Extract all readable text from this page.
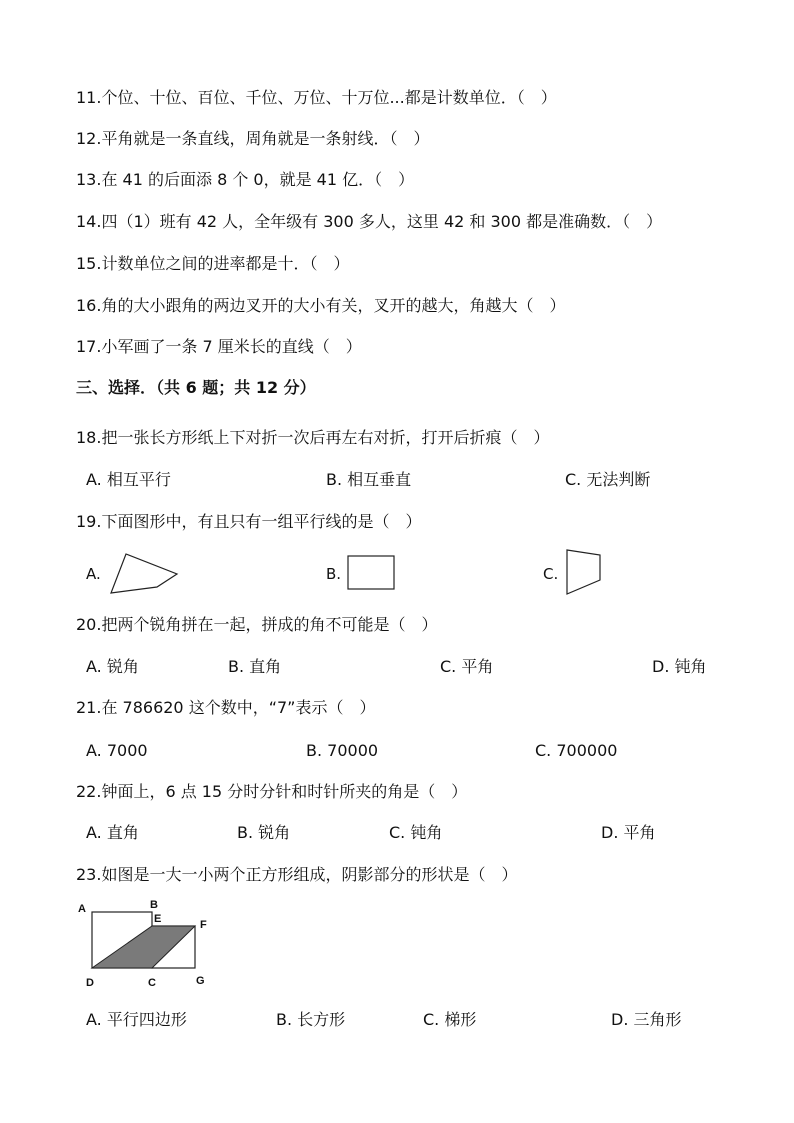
11.个位、十位、百位、千位、万位、十万位...都是计数单位．（　）
12.平角就是一条直线，周角就是一条射线．（　）
13.在 41 的后面添 8 个 0，就是 41 亿．（　）
14.四（1）班有 42 人，全年级有 300 多人，这里 42 和 300 都是准确数．（　）
15.计数单位之间的进率都是十．（　）
16.角的大小跟角的两边叉开的大小有关，叉开的越大，角越大（　）
17.小军画了一条 7 厘米长的直线（　）
三、选择．（共 6 题；共 12 分）
18.把一张长方形纸上下对折一次后再左右对折，打开后折痕（　）
A. 相互平行	B. 相互垂直	C. 无法判断
19.下面图形中，有且只有一组平行线的是（　）
A.	B.	C.
20.把两个锐角拼在一起，拼成的角不可能是（　）
A. 锐角	B. 直角	C. 平角	D. 钝角
21.在 786620 这个数中，“7”表示（　）
A. 7000	B. 70000	C. 700000
22.钟面上，6 点 15 分时分针和时针所夹的角是（　）
A. 直角	B. 锐角	C. 钝角	D. 平角
23.如图是一大一小两个正方形组成，阴影部分的形状是（　）
A	B
E	F
D	C	G
A. 平行四边形	B. 长方形	C. 梯形	D. 三角形
